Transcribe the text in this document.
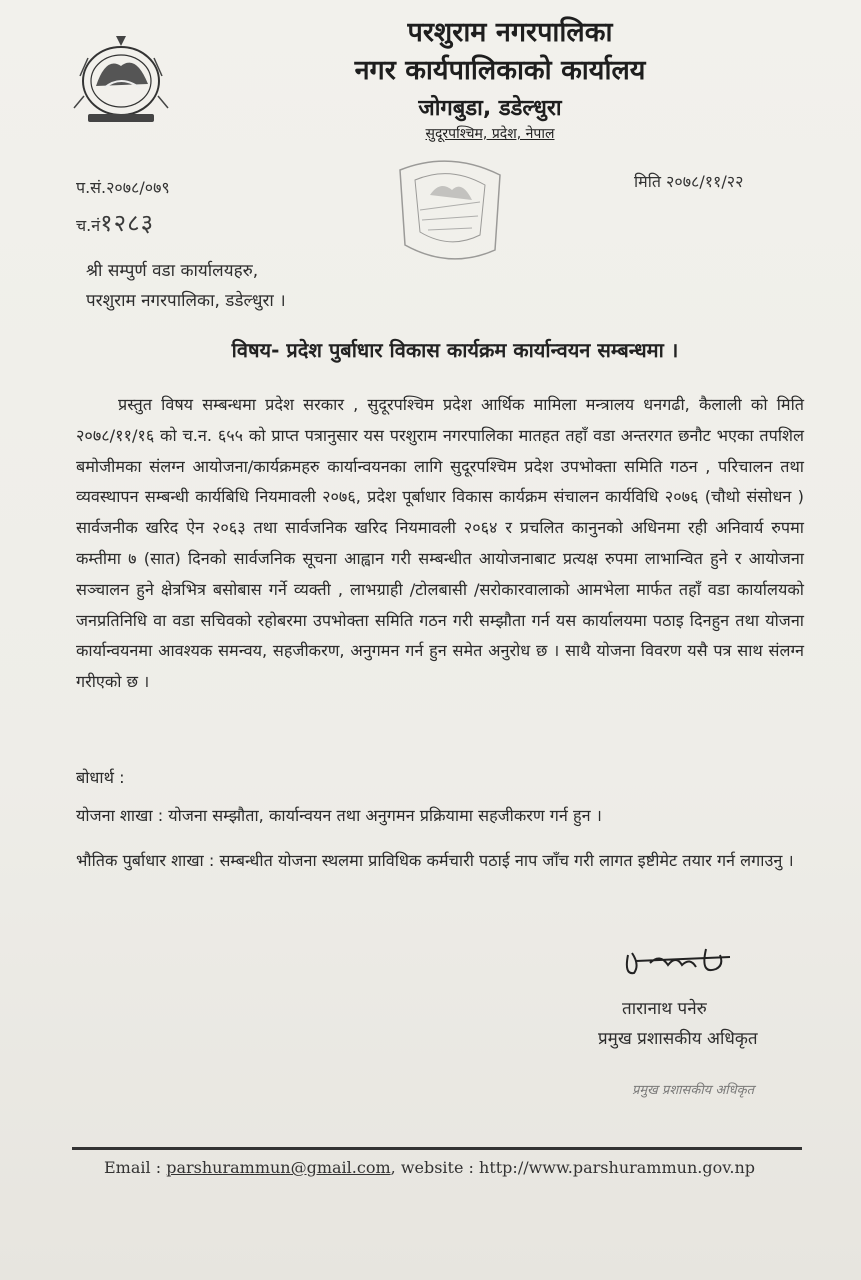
परशुराम नगरपालिका
नगर कार्यपालिकाको कार्यालय
जोगबुडा, डडेल्धुरा
सुदूरपश्चिम, प्रदेश, नेपाल
प.सं.२०७८/०७९
च.नं१२८३
मिति २०७८/११/२२
श्री सम्पुर्ण वडा कार्यालयहरु,
परशुराम नगरपालिका, डडेल्धुरा ।
विषय- प्रदेश पुर्बाधार विकास कार्यक्रम कार्यान्वयन सम्बन्धमा ।
प्रस्तुत विषय सम्बन्धमा प्रदेश सरकार , सुदूरपश्चिम प्रदेश आर्थिक मामिला मन्त्रालय धनगढी, कैलाली को मिति २०७८/११/१६ को च.न. ६५५ को प्राप्त पत्रानुसार यस परशुराम नगरपालिका मातहत तहाँ वडा अन्तरगत छनौट भएका तपशिल बमोजीमका संलग्न आयोजना/कार्यक्रमहरु कार्यान्वयनका लागि सुदूरपश्चिम प्रदेश उपभोक्ता समिति गठन , परिचालन तथा व्यवस्थापन सम्बन्धी कार्यबिधि नियमावली २०७६, प्रदेश पूर्बाधार विकास कार्यक्रम संचालन कार्यविधि २०७६ (चौथो संसोधन ) सार्वजनीक खरिद ऐन २०६३ तथा सार्वजनिक खरिद नियमावली २०६४ र प्रचलित कानुनको अधिनमा रही अनिवार्य रुपमा कम्तीमा ७ (सात) दिनको सार्वजनिक सूचना आह्वान गरी सम्बन्धीत आयोजनाबाट प्रत्यक्ष रुपमा लाभान्वित हुने र आयोजना सञ्चालन हुने क्षेत्रभित्र बसोबास गर्ने व्यक्ती , लाभग्राही /टोलबासी /सरोकारवालाको आमभेला मार्फत तहाँ वडा कार्यालयको जनप्रतिनिधि वा वडा सचिवको रहोबरमा उपभोक्ता समिति गठन गरी सम्झौता गर्न यस कार्यालयमा पठाइ दिनहुन तथा योजना कार्यान्वयनमा आवश्यक समन्वय, सहजीकरण, अनुगमन गर्न हुन समेत अनुरोध छ । साथै योजना विवरण यसै पत्र साथ संलग्न गरीएको छ ।
बोधार्थ :
योजना शाखा : योजना सम्झौता, कार्यान्वयन तथा अनुगमन प्रक्रियामा सहजीकरण गर्न हुन ।
भौतिक पुर्बाधार शाखा : सम्बन्धीत योजना स्थलमा प्राविधिक कर्मचारी पठाई नाप जाँच गरी लागत इष्टीमेट तयार गर्न लगाउनु ।
तारानाथ पनेरु
प्रमुख प्रशासकीय अधिकृत
प्रमुख प्रशासकीय अधिकृत
Email : parshurammun@gmail.com, website : http://www.parshurammun.gov.np
